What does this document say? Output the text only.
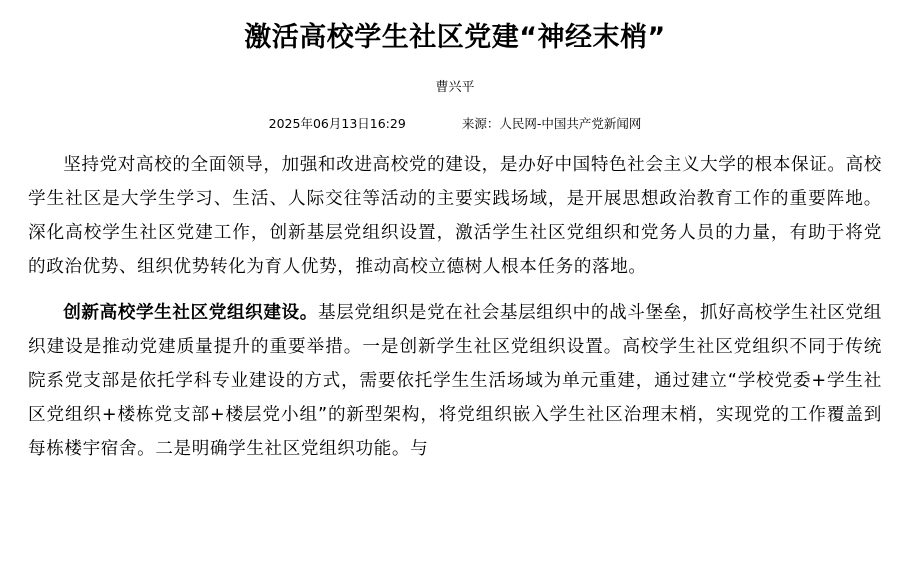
激活高校学生社区党建“神经末梢”
曹兴平
2025年06月13日16:29	来源：人民网-中国共产党新闻网

坚持党对高校的全面领导，加强和改进高校党的建设，是办好中国特色社会主义大学的根本保证。高校学生社区是大学生学习、生活、人际交往等活动的主要实践场域，是开展思想政治教育工作的重要阵地。深化高校学生社区党建工作，创新基层党组织设置，激活学生社区党组织和党务人员的力量，有助于将党的政治优势、组织优势转化为育人优势，推动高校立德树人根本任务的落地。

创新高校学生社区党组织建设。基层党组织是党在社会基层组织中的战斗堡垒，抓好高校学生社区党组织建设是推动党建质量提升的重要举措。一是创新学生社区党组织设置。高校学生社区党组织不同于传统院系党支部是依托学科专业建设的方式，需要依托学生生活场域为单元重建，通过建立“学校党委+学生社区党组织+楼栋党支部+楼层党小组”的新型架构，将党组织嵌入学生社区治理末梢，实现党的工作覆盖到每栋楼宇宿舍。二是明确学生社区党组织功能。与
